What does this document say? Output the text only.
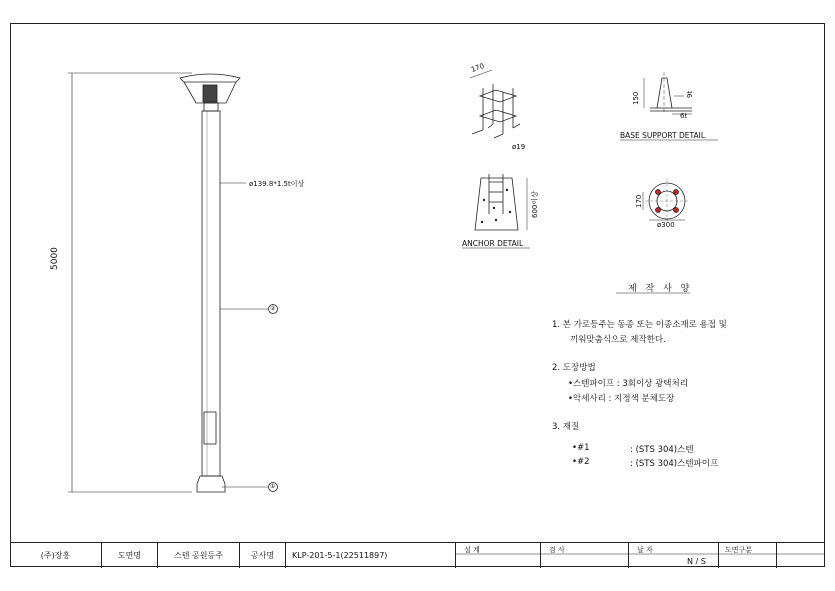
5000
ø139.8*1.5t이상
170
ø19
150	9t
6t
BASE SUPPORT DETAIL
600이상
ANCHOR DETAIL
170
ø300
제 작 사 양
1. 본 가로등주는 동종 또는 이종소재로 용접 및
끼워맞춤식으로 제작한다.
2. 도장방법
•스텐파이프 : 3회이상 광택처리
•악세사리 : 지정색 분체도장
3. 재질
•#1	: (STS 304)스텐
•#2	: (STS 304)스텐파이프
(주)장흥	도면명	스텐 공원등주	공사명 KLP-201-5-1(22511897)
설 계	검 사	날 자
N / S
도면구분
②
①
